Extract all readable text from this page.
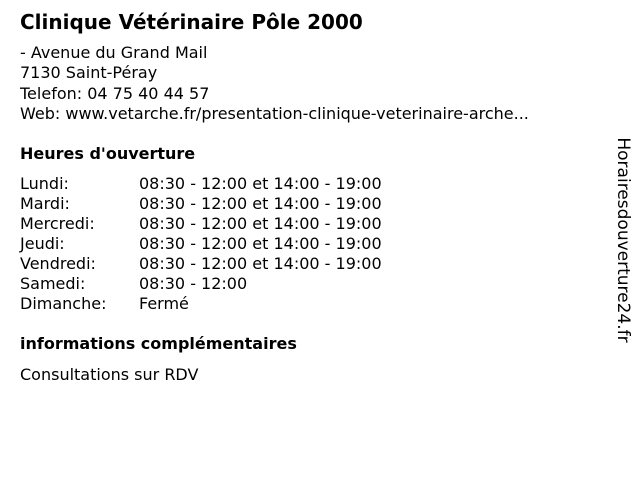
Clinique Vétérinaire Pôle 2000
- Avenue du Grand Mail
7130 Saint-Péray
Telefon: 04 75 40 44 57
Web: www.vetarche.fr/presentation-clinique-veterinaire-arche...
Heures d'ouverture
Lundi:	08:30 - 12:00 et 14:00 - 19:00
Mardi:	08:30 - 12:00 et 14:00 - 19:00
Mercredi:	08:30 - 12:00 et 14:00 - 19:00
Jeudi:	08:30 - 12:00 et 14:00 - 19:00
Vendredi:	08:30 - 12:00 et 14:00 - 19:00
Samedi:	08:30 - 12:00
Dimanche: Fermé
informations complémentaires
Consultations sur RDV
Horairesdouverture24.fr
